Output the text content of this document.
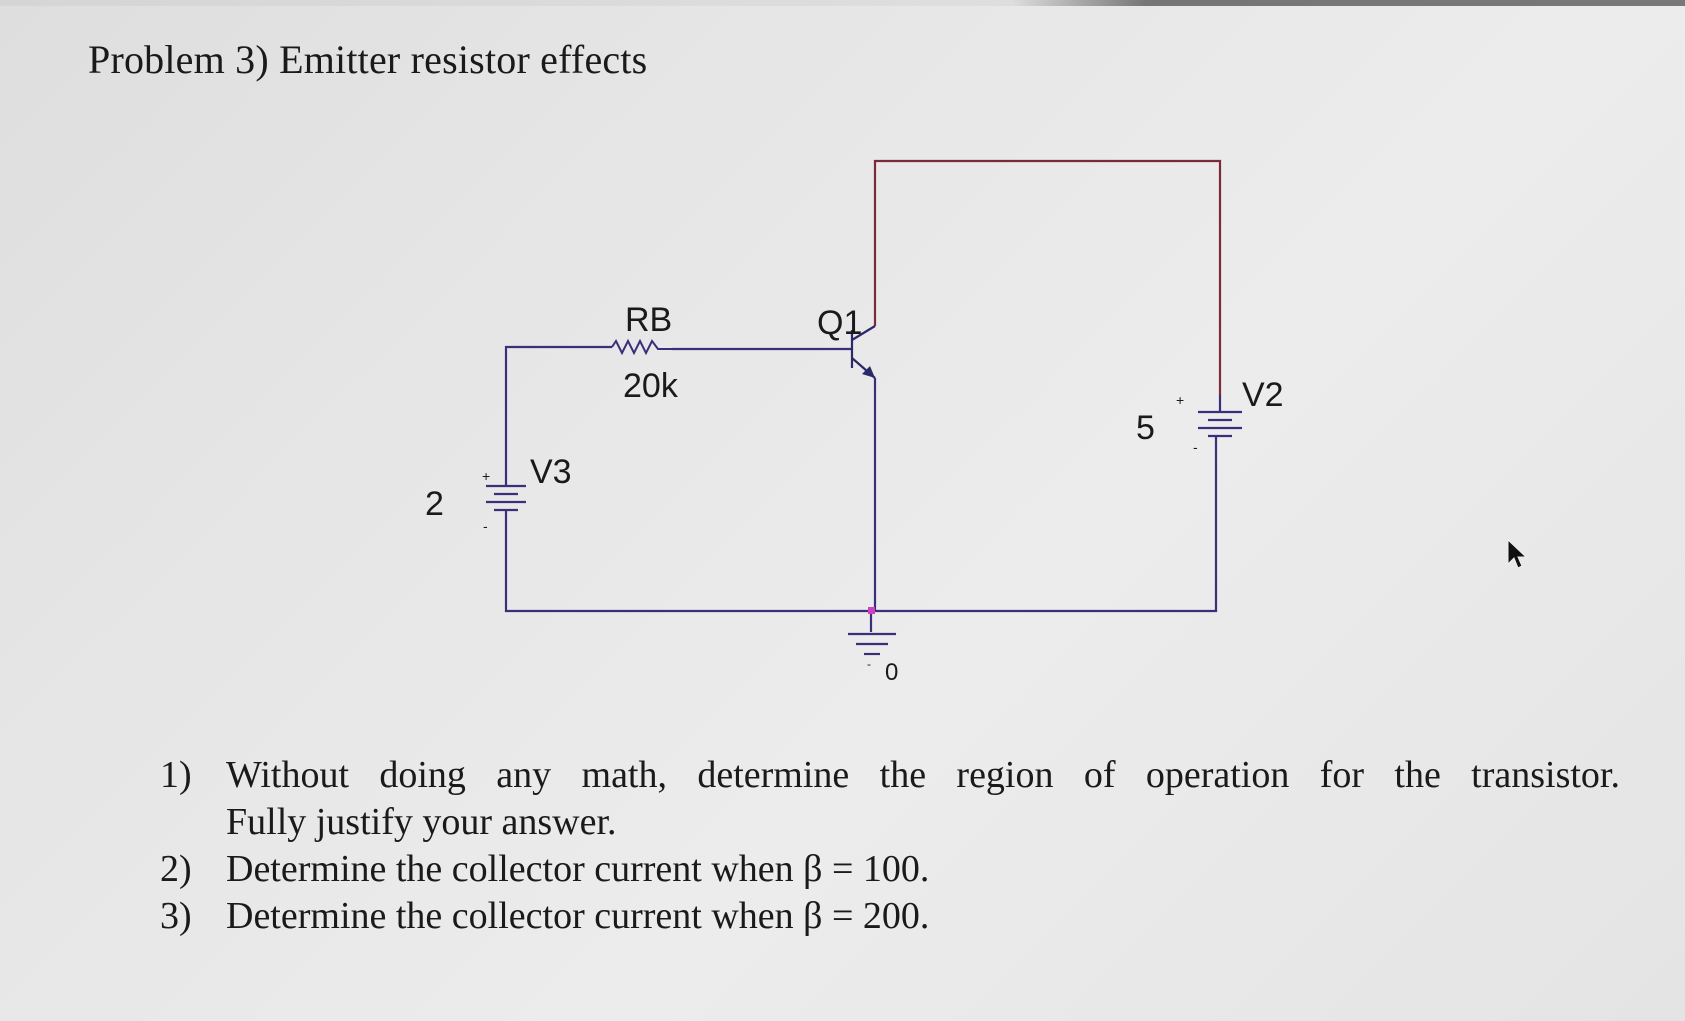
Problem 3) Emitter resistor effects
RB
20k
Q1
V3
2
+
-
V2
5
+
-
0
-
1) Without doing any math, determine the region of operation for the transistor.
Fully justify your answer.
2) Determine the collector current when β = 100.
3) Determine the collector current when β = 200.
